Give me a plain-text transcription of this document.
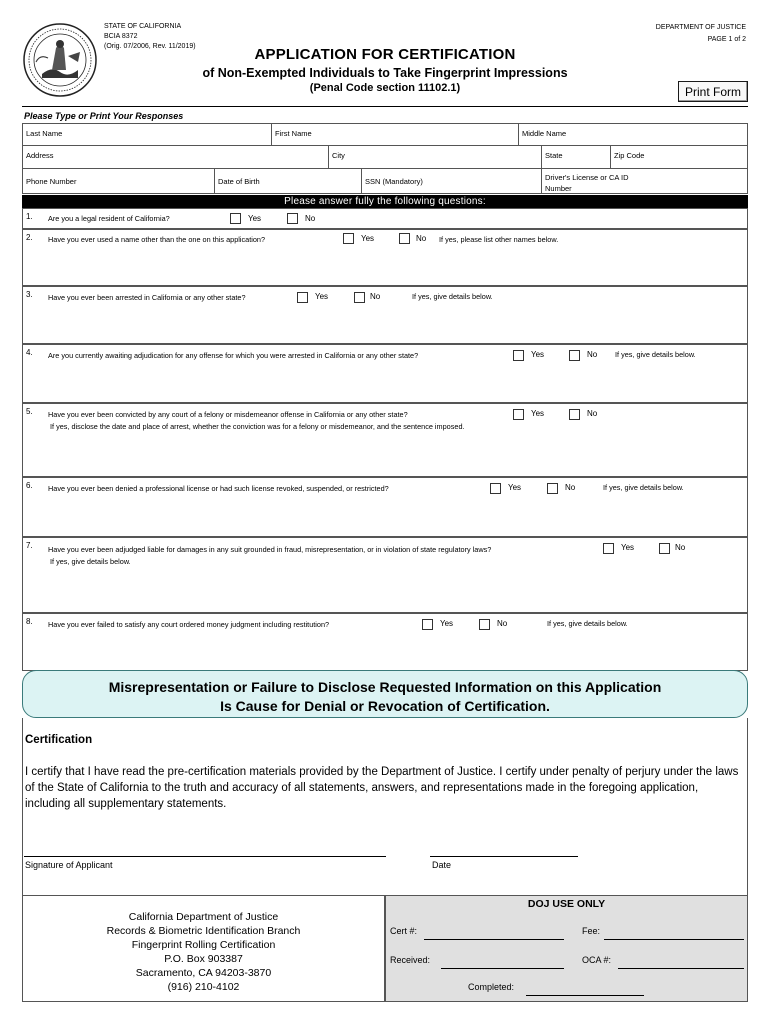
STATE OF CALIFORNIA
BCIA 8372
(Orig. 07/2006, Rev. 11/2019)
DEPARTMENT OF JUSTICE
PAGE 1 of 2
APPLICATION FOR CERTIFICATION
of Non-Exempted Individuals to Take Fingerprint Impressions
(Penal Code section 11102.1)	Print Form
Please Type or Print Your Responses
Last Name	First Name	Middle Name
Address	City	State	Zip Code
Phone Number	Date of Birth	SSN (Mandatory)	Driver's License or CA ID Number
Please answer fully the following questions:
1. Are you a legal resident of California?	Yes	No
2. Have you ever used a name other than the one on this application?	Yes	No If yes, please list other names below.
3. Have you ever been arrested in California or any other state?	Yes	No	If yes, give details below.
4. Are you currently awaiting adjudication for any offense for which you were arrested in California or any other state?	Yes	No If yes, give details below.
5. Have you ever been convicted by any court of a felony or misdemeanor offense in California or any other state?	Yes	No
If yes, disclose the date and place of arrest, whether the conviction was for a felony or misdemeanor, and the sentence imposed.
6. Have you ever been denied a professional license or had such license revoked, suspended, or restricted?	Yes	No	If yes, give details below.
7. Have you ever been adjudged liable for damages in any suit grounded in fraud, misrepresentation, or in violation of state regulatory laws?	Yes	No
If yes, give details below.
8. Have you ever failed to satisfy any court ordered money judgment including restitution?	Yes	No	If yes, give details below.
Misrepresentation or Failure to Disclose Requested Information on this Application
Is Cause for Denial or Revocation of Certification.
Certification
I certify that I have read the pre-certification materials provided by the Department of Justice. I certify under penalty of perjury under the laws of the State of California to the truth and accuracy of all statements, answers, and representations made in the foregoing application, including all supplementary statements.
Signature of Applicant	Date
California Department of Justice
Records & Biometric Identification Branch
Fingerprint Rolling Certification
P.O. Box 903387
Sacramento, CA 94203-3870
(916) 210-4102
DOJ USE ONLY
Cert #:	Fee:
Received:	OCA #:
Completed:
